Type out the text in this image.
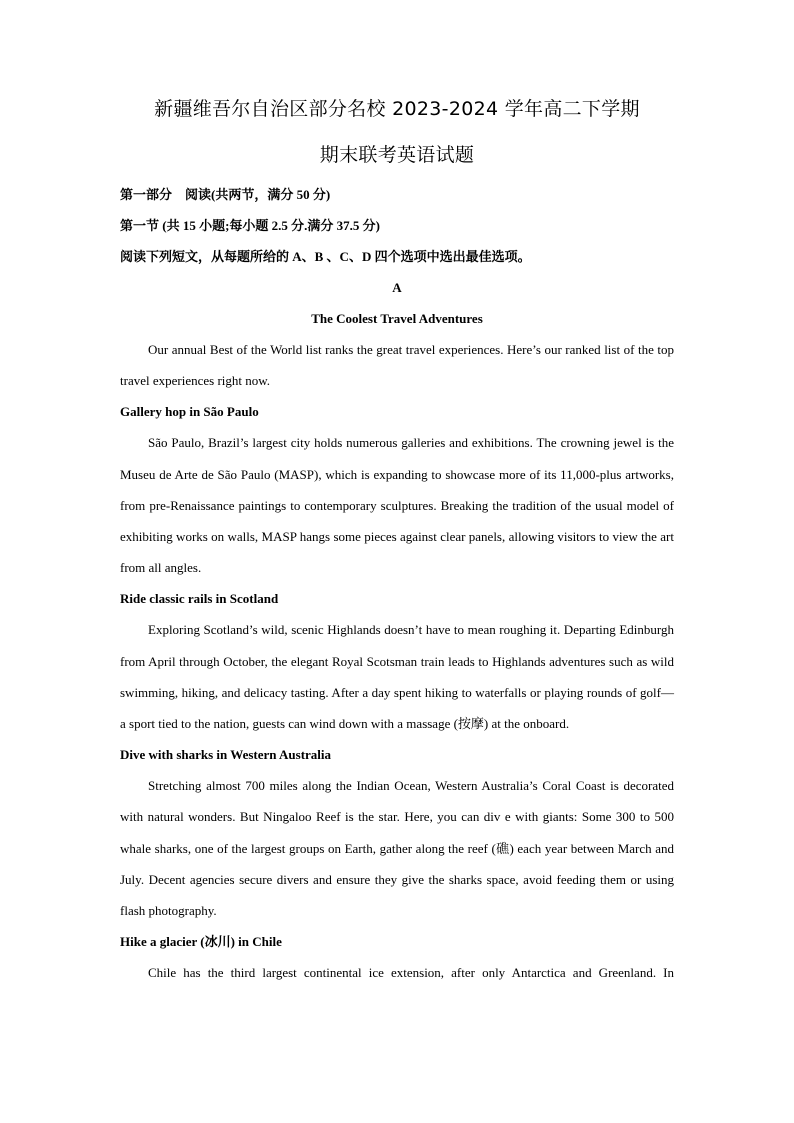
新疆维吾尔自治区部分名校 2023-2024 学年高二下学期
期末联考英语试题
第一部分　阅读(共两节，满分 50 分)
第一节 (共 15 小题;每小题 2.5 分.满分 37.5 分)
阅读下列短文，从每题所给的 A、B 、C、D 四个选项中选出最佳选项。
A
The Coolest Travel Adventures
Our annual Best of the World list ranks the great travel experiences. Here’s our ranked list of the top travel experiences right now.
Gallery hop in São Paulo
São Paulo, Brazil’s largest city holds numerous galleries and exhibitions. The crowning jewel is the Museu de Arte de São Paulo (MASP), which is expanding to showcase more of its 11,000-plus artworks, from pre-Renaissance paintings to contemporary sculptures. Breaking the tradition of the usual model of exhibiting works on walls, MASP hangs some pieces against clear panels, allowing visitors to view the art from all angles.
Ride classic rails in Scotland
Exploring Scotland’s wild, scenic Highlands doesn’t have to mean roughing it. Departing Edinburgh from April through October, the elegant Royal Scotsman train leads to Highlands adventures such as wild swimming, hiking, and delicacy tasting. After a day spent hiking to waterfalls or playing rounds of golf—a sport tied to the nation, guests can wind down with a massage (按摩) at the onboard.
Dive with sharks in Western Australia
Stretching almost 700 miles along the Indian Ocean, Western Australia’s Coral Coast is decorated with natural wonders. But Ningaloo Reef is the star. Here, you can div e with giants: Some 300 to 500 whale sharks, one of the largest groups on Earth, gather along the reef (礁) each year between March and July. Decent agencies secure divers and ensure they give the sharks space, avoid feeding them or using flash photography.
Hike a glacier (冰川) in Chile
Chile has the third largest continental ice extension, after only Antarctica and Greenland. In
